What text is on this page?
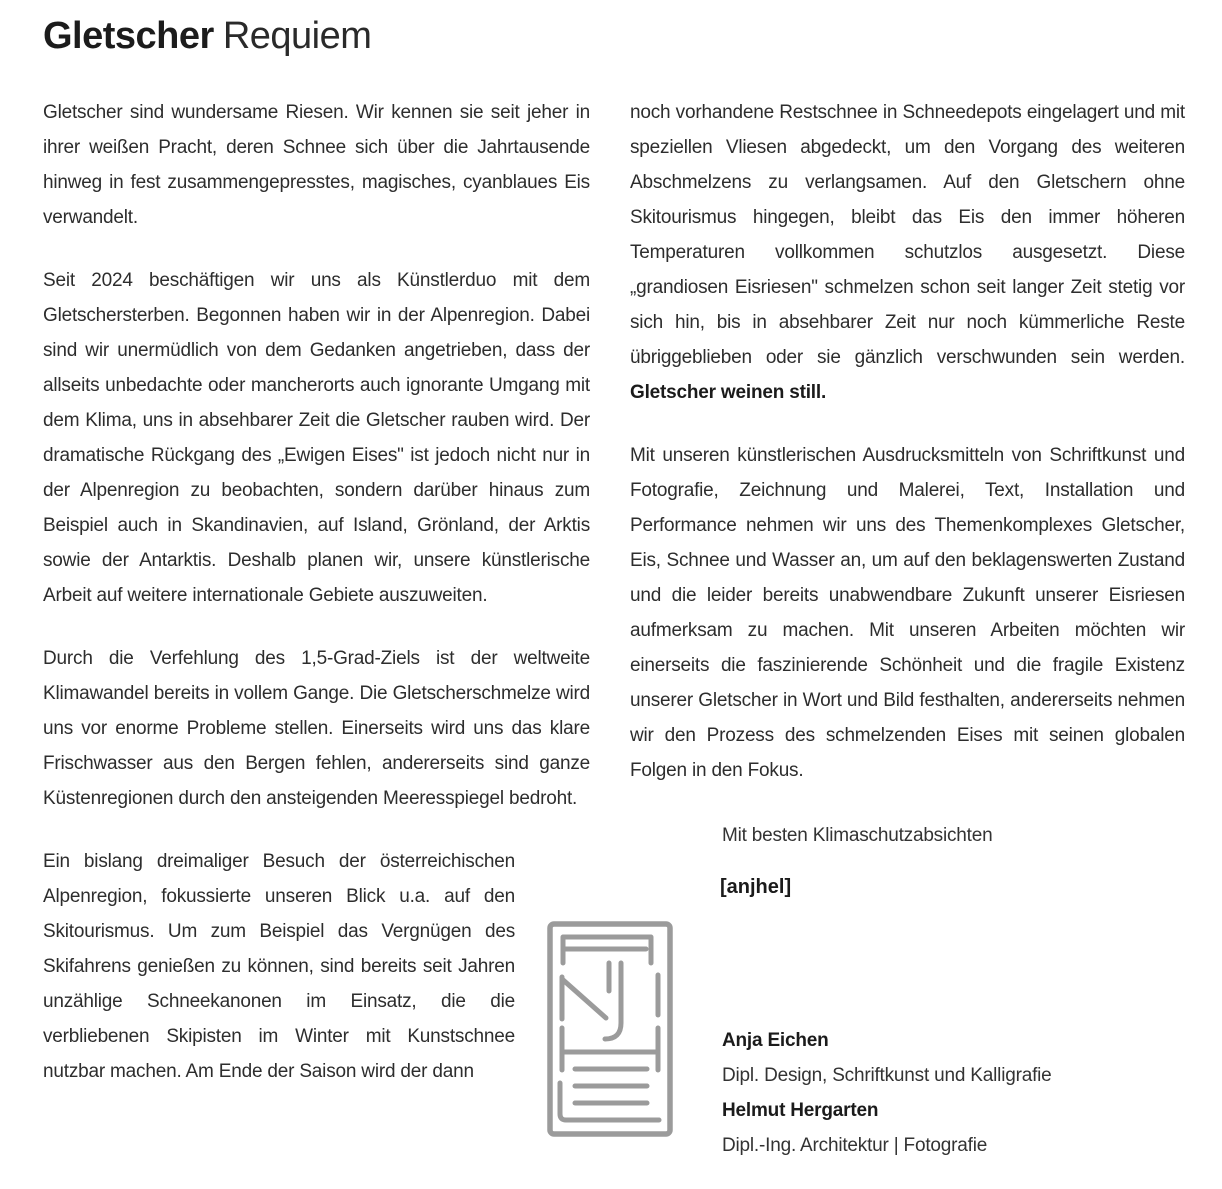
Gletscher Requiem

Gletscher sind wundersame Riesen. Wir kennen sie seit jeher in ihrer weißen Pracht, deren Schnee sich über die Jahrtausende hinweg in fest zusammengepresstes, magisches, cyanblaues Eis verwandelt.

Seit 2024 beschäftigen wir uns als Künstlerduo mit dem Gletschersterben. Begonnen haben wir in der Alpenregion. Dabei sind wir unermüdlich von dem Gedanken angetrieben, dass der allseits unbedachte oder mancherorts auch ignorante Umgang mit dem Klima, uns in absehbarer Zeit die Gletscher rauben wird. Der dramatische Rückgang des „Ewigen Eises" ist jedoch nicht nur in der Alpenregion zu beobachten, sondern darüber hinaus zum Beispiel auch in Skandinavien, auf Island, Grönland, der Arktis sowie der Antarktis. Deshalb planen wir, unsere künstlerische Arbeit auf weitere internationale Gebiete auszuweiten.

Durch die Verfehlung des 1,5-Grad-Ziels ist der weltweite Klimawandel bereits in vollem Gange. Die Gletscherschmelze wird uns vor enorme Probleme stellen. Einerseits wird uns das klare Frischwasser aus den Bergen fehlen, andererseits sind ganze Küstenregionen durch den ansteigenden Meeresspiegel bedroht.

Ein bislang dreimaliger Besuch der österreichischen Alpenregion, fokussierte unseren Blick u.a. auf den Skitourismus. Um zum Beispiel das Vergnügen des Skifahrens genießen zu können, sind bereits seit Jahren unzählige Schneekanonen im Einsatz, die die verbliebenen Skipisten im Winter mit Kunstschnee nutzbar machen. Am Ende der Saison wird der dann

noch vorhandene Restschnee in Schneedepots eingelagert und mit speziellen Vliesen abgedeckt, um den Vorgang des weiteren Abschmelzens zu verlangsamen. Auf den Gletschern ohne Skitourismus hingegen, bleibt das Eis den immer höheren Temperaturen vollkommen schutzlos ausgesetzt. Diese „grandiosen Eisriesen" schmelzen schon seit langer Zeit stetig vor sich hin, bis in absehbarer Zeit nur noch kümmerliche Reste übriggeblieben oder sie gänzlich verschwunden sein werden. Gletscher weinen still.

Mit unseren künstlerischen Ausdrucksmitteln von Schriftkunst und Fotografie, Zeichnung und Malerei, Text, Installation und Performance nehmen wir uns des Themenkomplexes Gletscher, Eis, Schnee und Wasser an, um auf den beklagenswerten Zustand und die leider bereits unabwendbare Zukunft unserer Eisriesen aufmerksam zu machen. Mit unseren Arbeiten möchten wir einerseits die faszinierende Schönheit und die fragile Existenz unserer Gletscher in Wort und Bild festhalten, andererseits nehmen wir den Prozess des schmelzenden Eises mit seinen globalen Folgen in den Fokus.

Mit besten Klimaschutzabsichten
[anjhel]
Anja Eichen
Dipl. Design, Schriftkunst und Kalligrafie
Helmut Hergarten
Dipl.-Ing. Architektur | Fotografie
